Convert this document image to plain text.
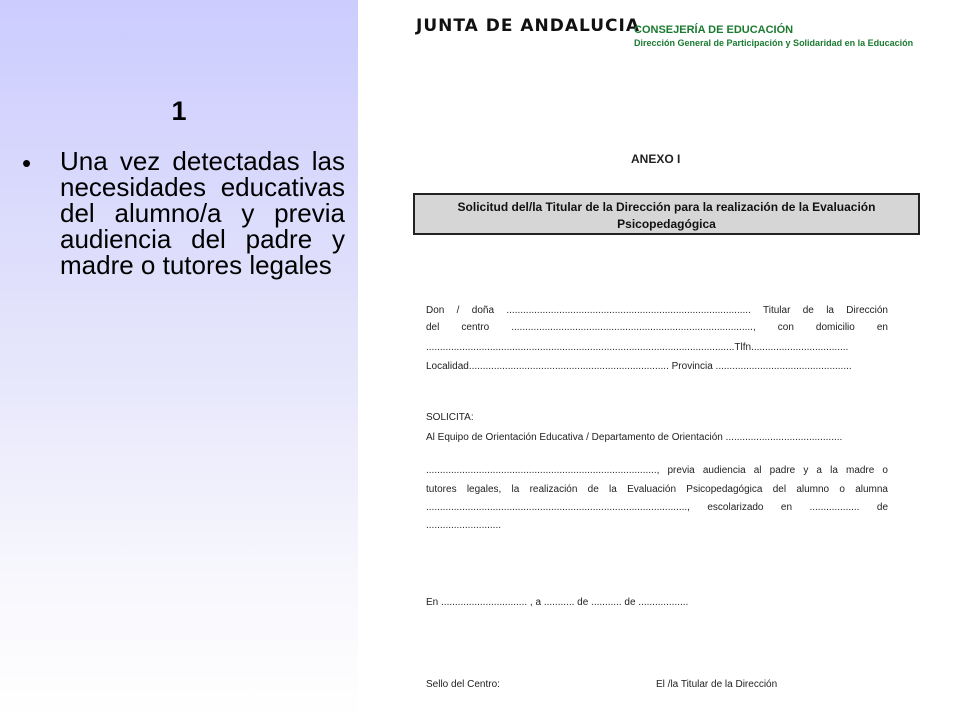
1
• Una vez detectadas las necesidades educativas del alumno/a y previa audiencia del padre y madre o tutores legales
JUNTA DE ANDALUCIA
CONSEJERÍA DE EDUCACIÓN
Dirección General de Participación y Solidaridad en la Educación
ANEXO I
Solicitud del/la Titular de la Dirección para la realización de la Evaluación
Psicopedagógica
Don / doña ........................................................................................ Titular de la Dirección
del centro ......................................................................................., con domicilio en
...............................................................................................................Tlfn...................................
Localidad........................................................................ Provincia .................................................
SOLICITA:
Al Equipo de Orientación Educativa / Departamento de Orientación ..........................................
..................................................................................., previa audiencia al padre y a la madre o
tutores legales, la realización de la Evaluación Psicopedagógica del alumno o alumna
.............................................................................................., escolarizado en .................. de
...........................
En ............................... , a ........... de ........... de ..................
Sello del Centro:	El /la Titular de la Dirección
